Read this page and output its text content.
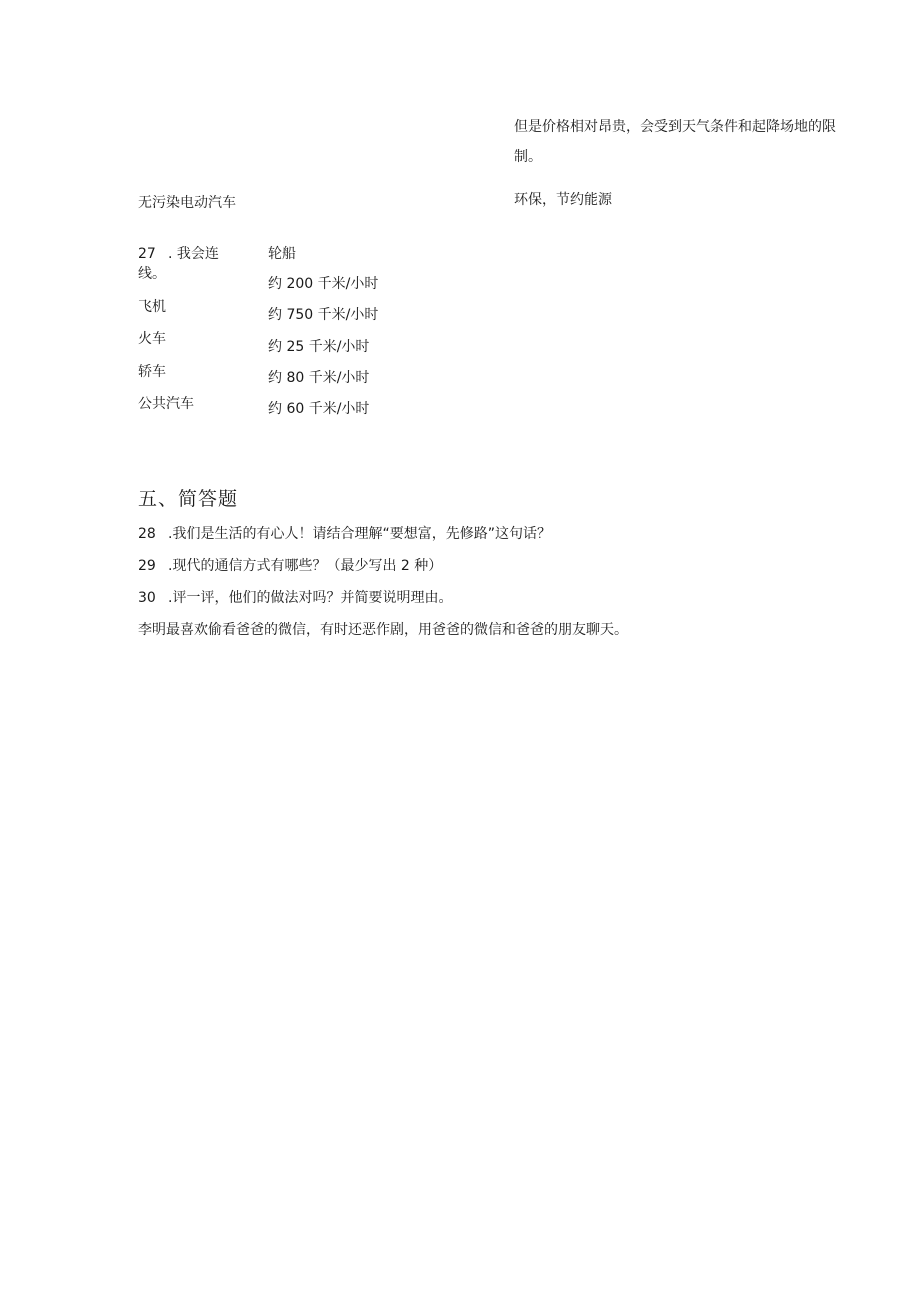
但是价格相对昂贵，会受到天气条件和起降场地的限
制。
无污染电动汽车	环保，节约能源
27 . 我会连
线。
飞机
火车
轿车
公共汽车
轮船
约 200 千米/小时
约 750 千米/小时
约 25 千米/小时
约 80 千米/小时
约 60 千米/小时
五、简答题
28 .我们是生活的有心人！请结合理解“要想富，先修路”这句话？
29 .现代的通信方式有哪些？（最少写出 2 种）
30 .评一评，他们的做法对吗？并简要说明理由。
李明最喜欢偷看爸爸的微信，有时还恶作剧，用爸爸的微信和爸爸的朋友聊天。
